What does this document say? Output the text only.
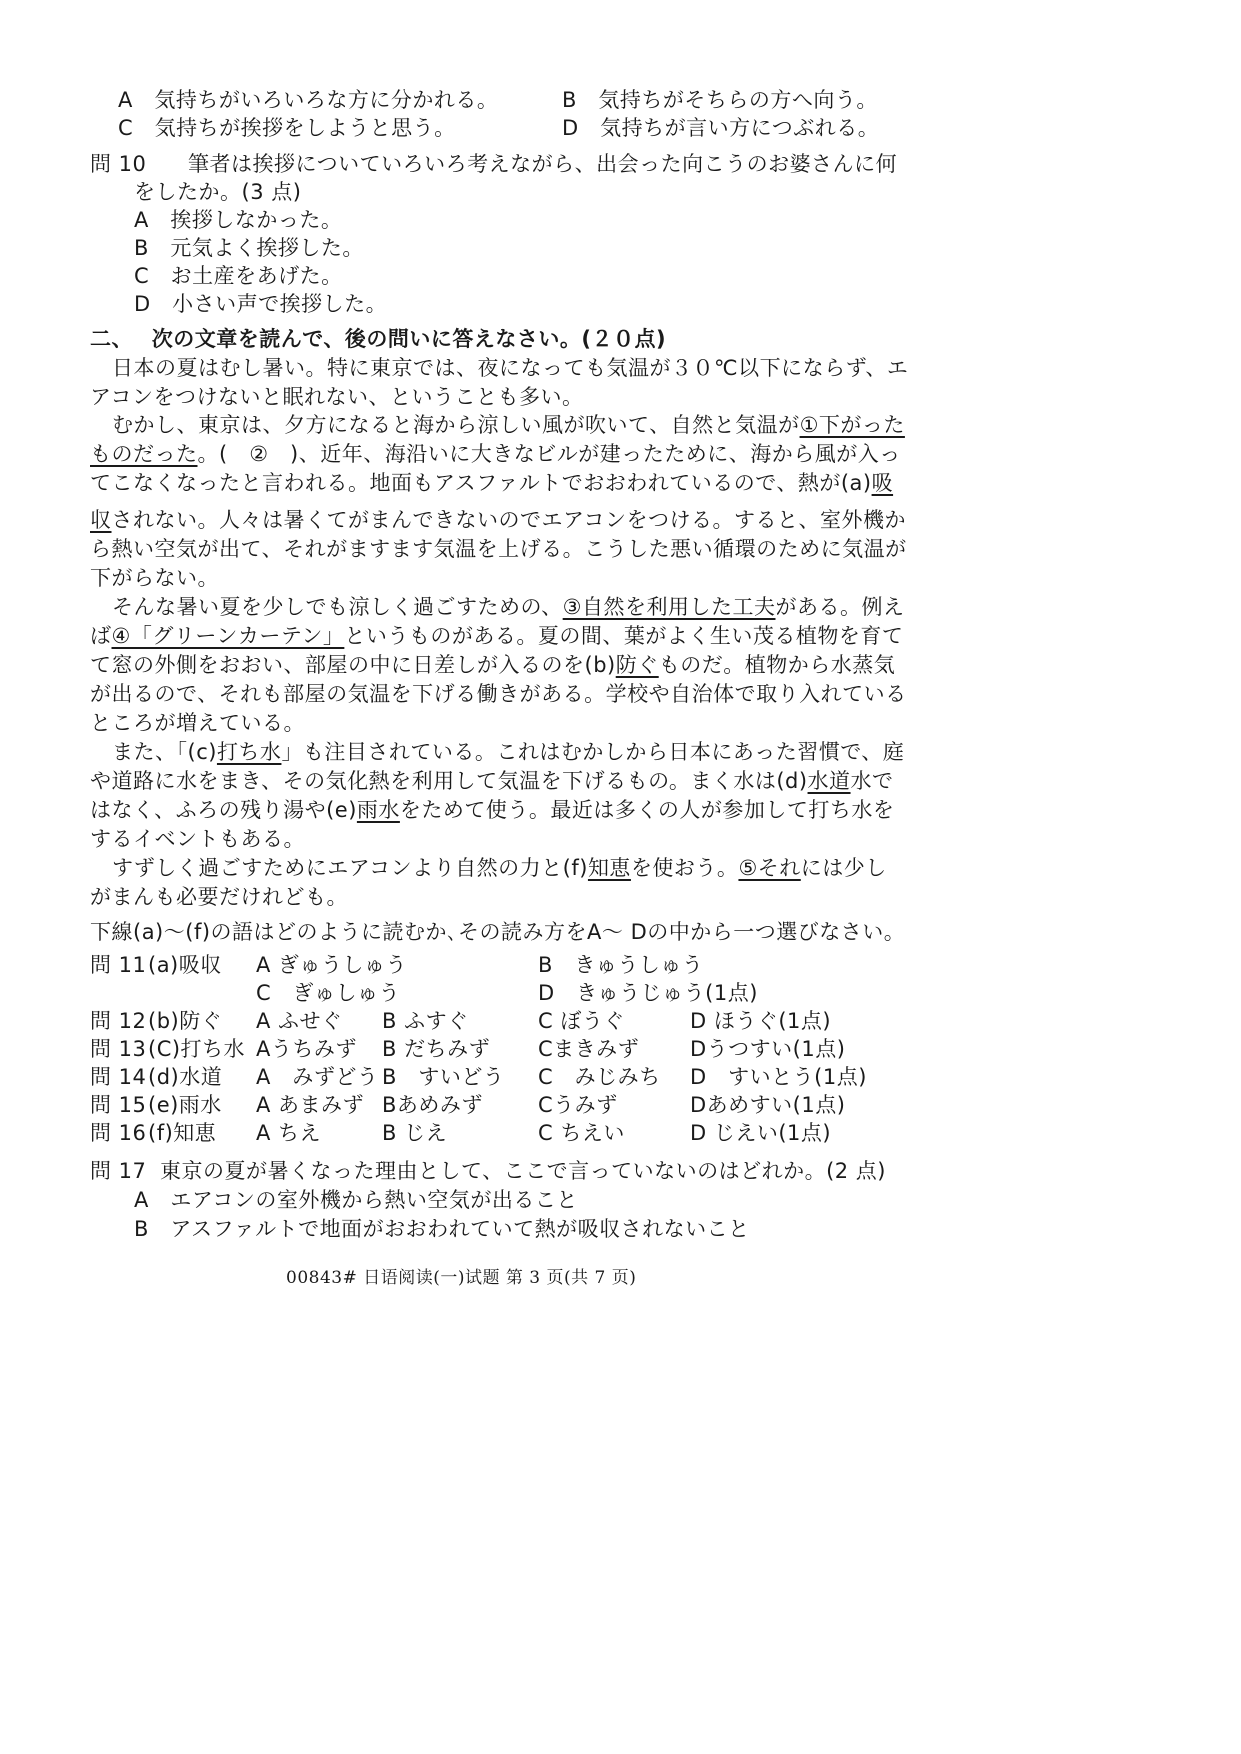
A　気持ちがいろいろな方に分かれる。	B　気持ちがそちらの方へ向う。
C　気持ちが挨拶をしようと思う。	D　気持ちが言い方につぶれる。
問 10 筆者は挨拶についていろいろ考えながら、出会った向こうのお婆さんに何
をしたか。(3 点)
A　挨拶しなかった。
B　元気よく挨拶した。
C　お土産をあげた。
D　小さい声で挨拶した。
二、　 次の文章を読んで、後の問いに答えなさい。(２０点)
日本の夏はむし暑い。特に東京では、夜になっても気温が３０℃以下にならず、エ
アコンをつけないと眠れない、ということも多い。
むかし、東京は、夕方になると海から涼しい風が吹いて、自然と気温が①下がった
ものだった。(　②　)、近年、海沿いに大きなビルが建ったために、海から風が入っ
てこなくなったと言われる。地面もアスファルトでおおわれているので、熱が(a)吸
収されない。人々は暑くてがまんできないのでエアコンをつける。すると、室外機か
ら熱い空気が出て、それがますます気温を上げる。こうした悪い循環のために気温が
下がらない。
そんな暑い夏を少しでも涼しく過ごすための、③自然を利用した工夫がある。例え
ば④「グリーンカーテン」というものがある。夏の間、葉がよく生い茂る植物を育て
て窓の外側をおおい、部屋の中に日差しが入るのを(b)防ぐものだ。植物から水蒸気
が出るので、それも部屋の気温を下げる働きがある。学校や自治体で取り入れている
ところが増えている。
また、「(c)打ち水」も注目されている。これはむかしから日本にあった習慣で、庭
や道路に水をまき、その気化熱を利用して気温を下げるもの。まく水は(d)水道水で
はなく、ふろの残り湯や(e)雨水をためて使う。最近は多くの人が参加して打ち水を
するイベントもある。
すずしく過ごすためにエアコンより自然の力と(f)知恵を使おう。⑤それには少し
がまんも必要だけれども。
下線(a)～(f)の語はどのように読むか､その読み方をA～ Dの中から一つ選びなさい。
問 11 (a)吸収 A ぎゅうしゅう	B　きゅうしゅう
C　ぎゅしゅう	D　きゅうじゅう(1点)
問 12 (b)防ぐ A ふせぐ B ふすぐ	C ぼうぐ	D ほうぐ(1点)
問 13 (C)打ち水 Aうちみず B だちみず Cまきみず Dうつすい(1点)
問 14 (d)水道 A　みずどう B　すいどう C　みじみち D　すいとう(1点)
問 15 (e)雨水 A あまみず Bあめみず	Cうみず	Dあめすい(1点)
問 16 (f)知恵 A ちえ	B じえ	C ちえい	D じえい(1点)
問 17 東京の夏が暑くなった理由として、ここで言っていないのはどれか。(2 点)
A　エアコンの室外機から熱い空気が出ること
B　アスファルトで地面がおおわれていて熱が吸収されないこと
00843# 日语阅读(一)试题 第 3 页(共 7 页)
